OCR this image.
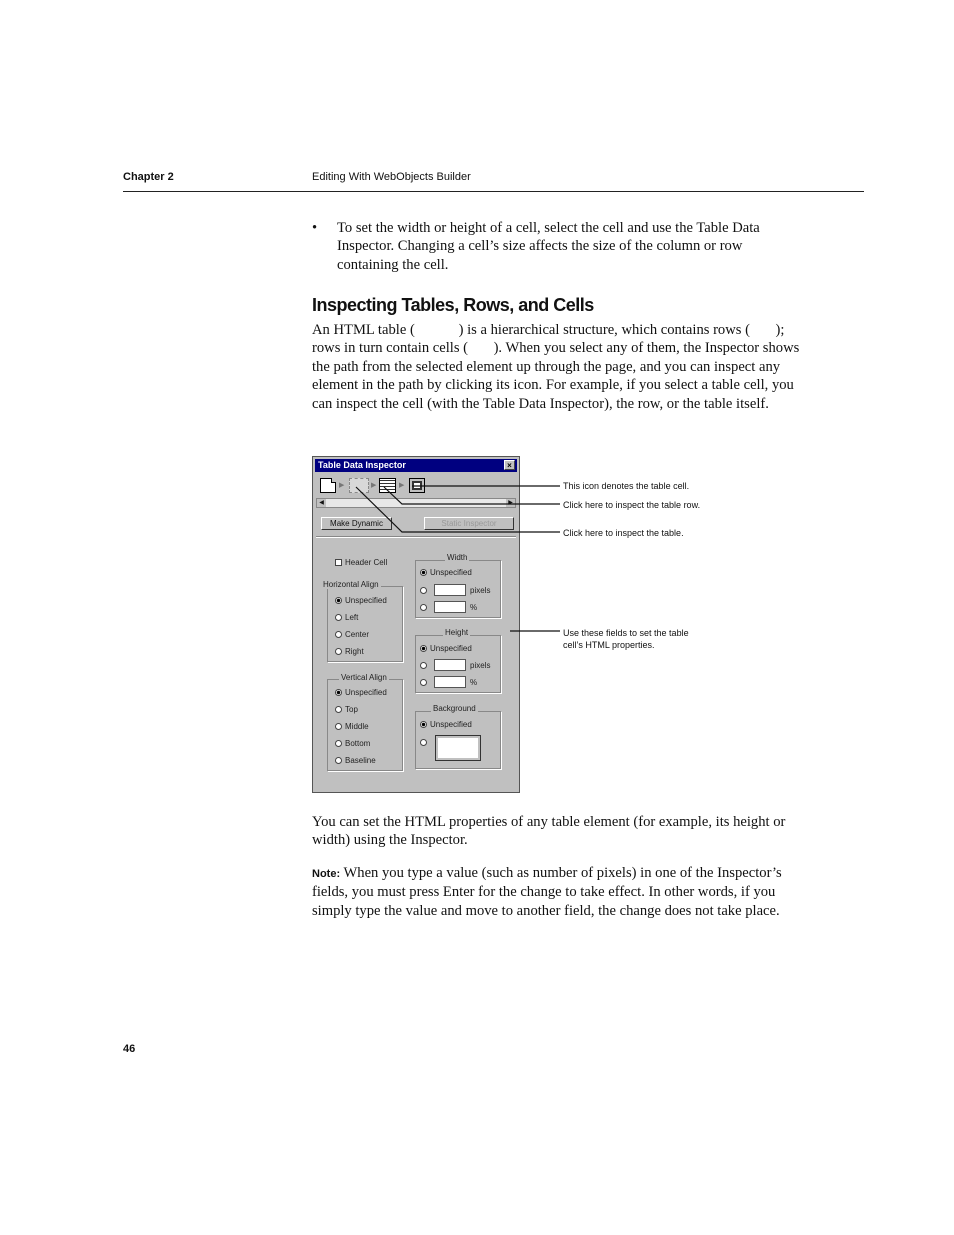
Chapter 2	Editing With WebObjects Builder
• To set the width or height of a cell, select the cell and use the Table Data Inspector. Changing a cell’s size affects the size of the column or row containing the cell.
Inspecting Tables, Rows, and Cells
An HTML table (            ) is a hierarchical structure, which contains rows (       ); rows in turn contain cells (       ). When you select any of them, the Inspector shows the path from the selected element up through the page, and you can inspect any element in the path by clicking its icon. For example, if you select a table cell, you can inspect the cell (with the Table Data Inspector), the row, or the table itself.
Table Data Inspector	×
▶	▶	▶
◀	▶
Make Dynamic	Static Inspector
Header Cell
Horizontal Align
Unspecified
Left
Center
Right
Vertical Align
Unspecified
Top
Middle
Bottom
Baseline
Width
Unspecified
pixels
%
Height
Unspecified
pixels
%
Background
Unspecified
This icon denotes the table cell.
Click here to inspect the table row.
Click here to inspect the table.
Use these fields to set the table cell’s HTML properties.
You can set the HTML properties of any table element (for example, its height or width) using the Inspector.
Note: When you type a value (such as number of pixels) in one of the Inspector’s fields, you must press Enter for the change to take effect. In other words, if you simply type the value and move to another field, the change does not take place.
46
